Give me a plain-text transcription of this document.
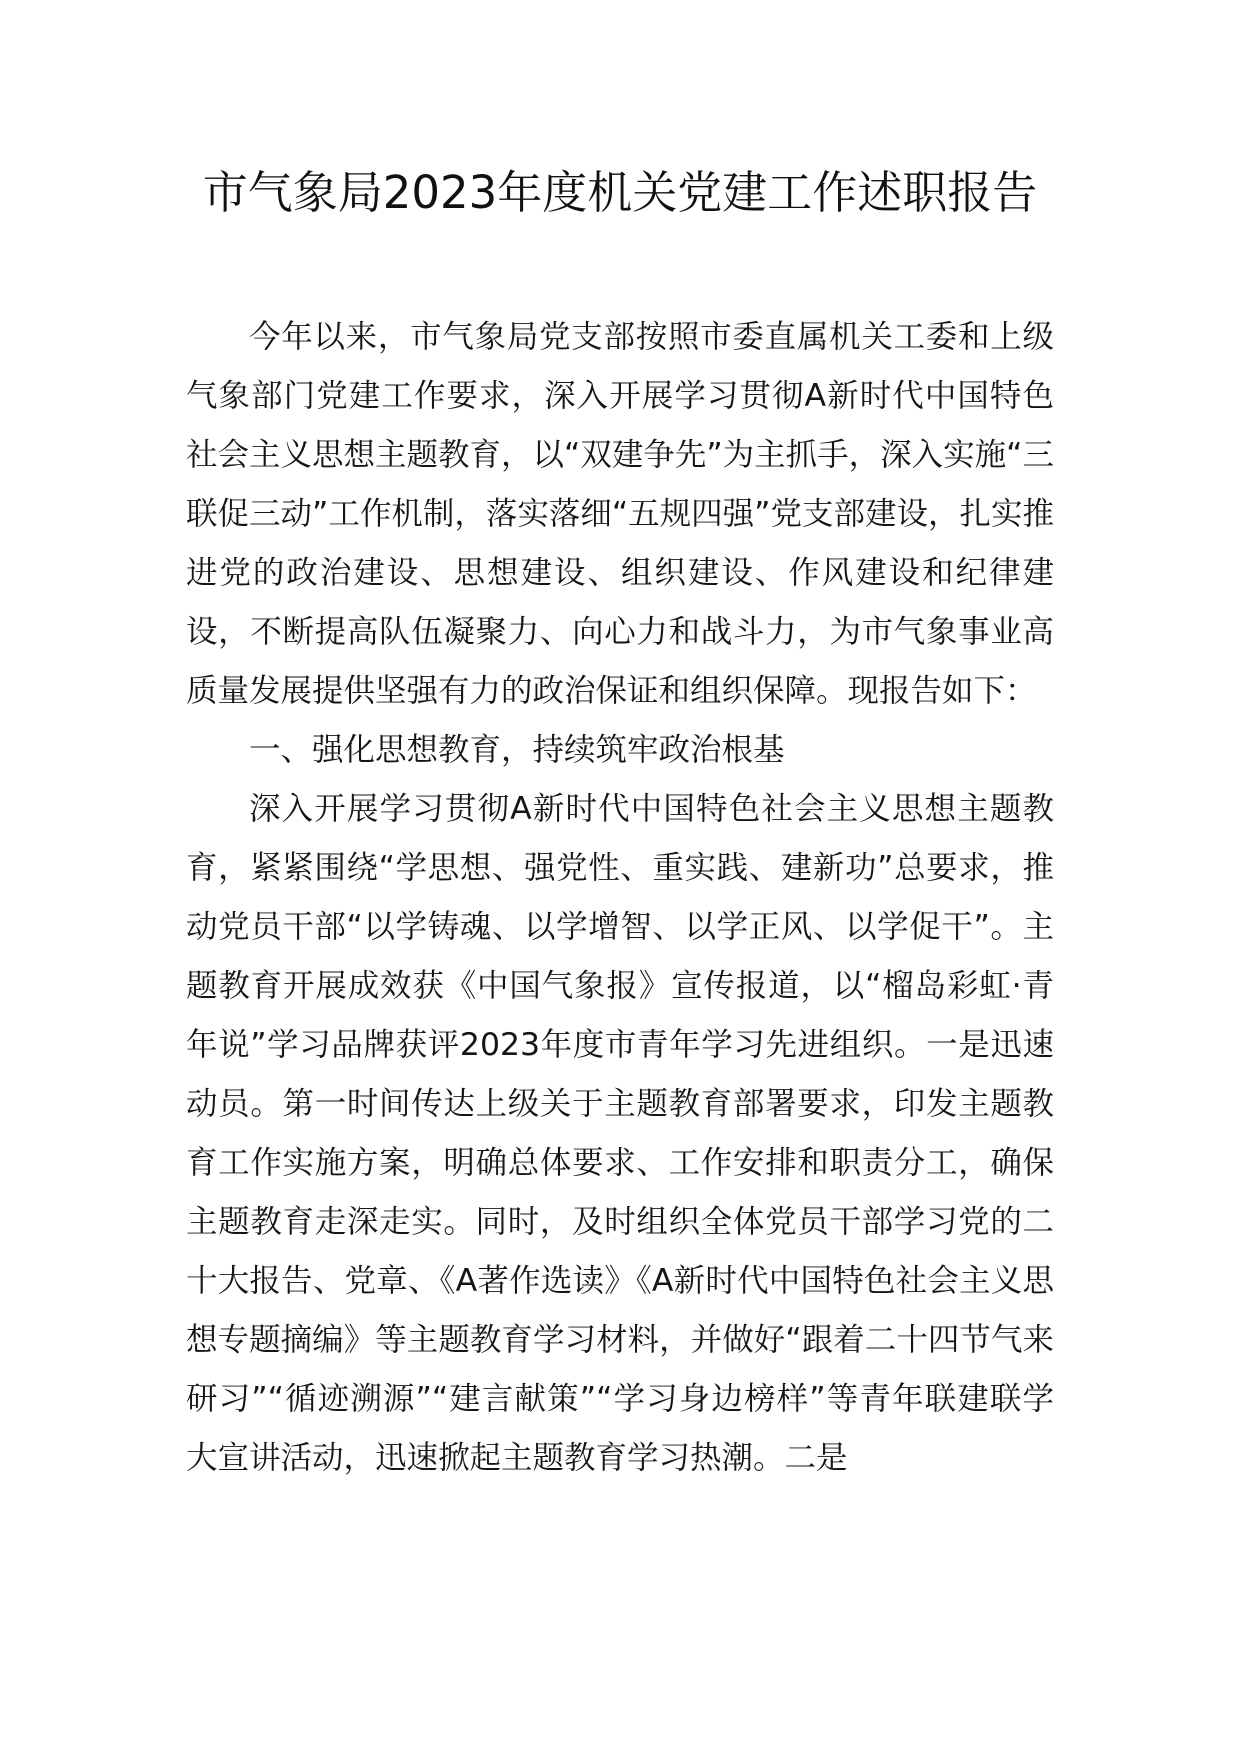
市气象局2023年度机关党建工作述职报告

今年以来，市气象局党支部按照市委直属机关工委和上级气象部门党建工作要求，深入开展学习贯彻A新时代中国特色社会主义思想主题教育，以“双建争先”为主抓手，深入实施“三联促三动”工作机制，落实落细“五规四强”党支部建设，扎实推进党的政治建设、思想建设、组织建设、作风建设和纪律建设，不断提高队伍凝聚力、向心力和战斗力，为市气象事业高质量发展提供坚强有力的政治保证和组织保障。现报告如下：

一、强化思想教育，持续筑牢政治根基

深入开展学习贯彻A新时代中国特色社会主义思想主题教育，紧紧围绕“学思想、强党性、重实践、建新功”总要求，推动党员干部“以学铸魂、以学增智、以学正风、以学促干”。主题教育开展成效获《中国气象报》宣传报道，以“榴岛彩虹·青年说”学习品牌获评2023年度市青年学习先进组织。一是迅速动员。第一时间传达上级关于主题教育部署要求，印发主题教育工作实施方案，明确总体要求、工作安排和职责分工，确保主题教育走深走实。同时，及时组织全体党员干部学习党的二十大报告、党章、《A著作选读》《A新时代中国特色社会主义思想专题摘编》等主题教育学习材料，并做好“跟着二十四节气来研习”“循迹溯源”“建言献策”“学习身边榜样”等青年联建联学大宣讲活动，迅速掀起主题教育学习热潮。二是
